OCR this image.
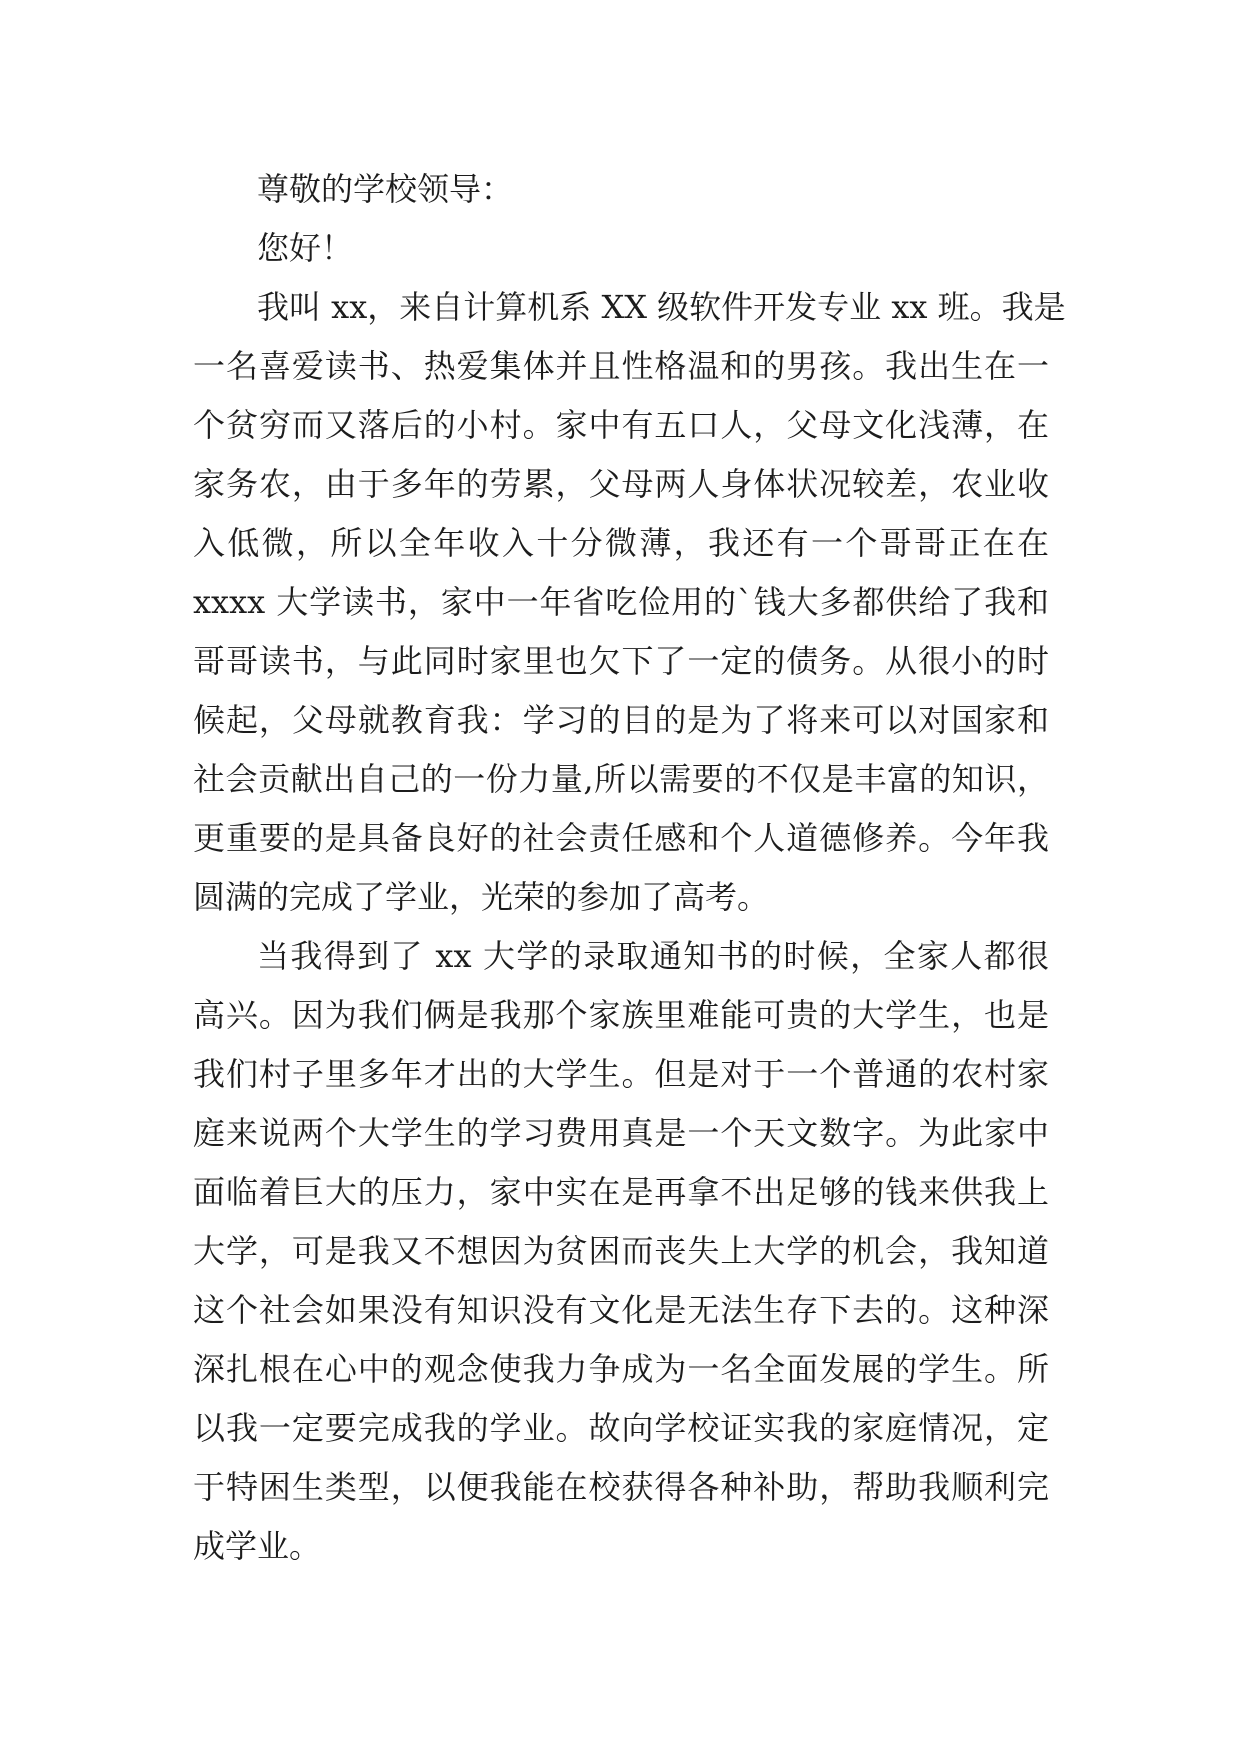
尊敬的学校领导：
您好！
我叫 xx，来自计算机系 XX 级软件开发专业 xx 班。我是
一名喜爱读书、热爱集体并且性格温和的男孩。我出生在一
个贫穷而又落后的小村。家中有五口人，父母文化浅薄，在
家务农，由于多年的劳累，父母两人身体状况较差，农业收
入低微，所以全年收入十分微薄，我还有一个哥哥正在在
xxxx 大学读书，家中一年省吃俭用的`钱大多都供给了我和
哥哥读书，与此同时家里也欠下了一定的债务。从很小的时
候起，父母就教育我：学习的目的是为了将来可以对国家和
社会贡献出自己的一份力量,所以需要的不仅是丰富的知识，
更重要的是具备良好的社会责任感和个人道德修养。今年我
圆满的完成了学业，光荣的参加了高考。
当我得到了 xx 大学的录取通知书的时候，全家人都很
高兴。因为我们俩是我那个家族里难能可贵的大学生，也是
我们村子里多年才出的大学生。但是对于一个普通的农村家
庭来说两个大学生的学习费用真是一个天文数字。为此家中
面临着巨大的压力，家中实在是再拿不出足够的钱来供我上
大学，可是我又不想因为贫困而丧失上大学的机会，我知道
这个社会如果没有知识没有文化是无法生存下去的。这种深
深扎根在心中的观念使我力争成为一名全面发展的学生。所
以我一定要完成我的学业。故向学校证实我的家庭情况，定
于特困生类型，以便我能在校获得各种补助，帮助我顺利完
成学业。
